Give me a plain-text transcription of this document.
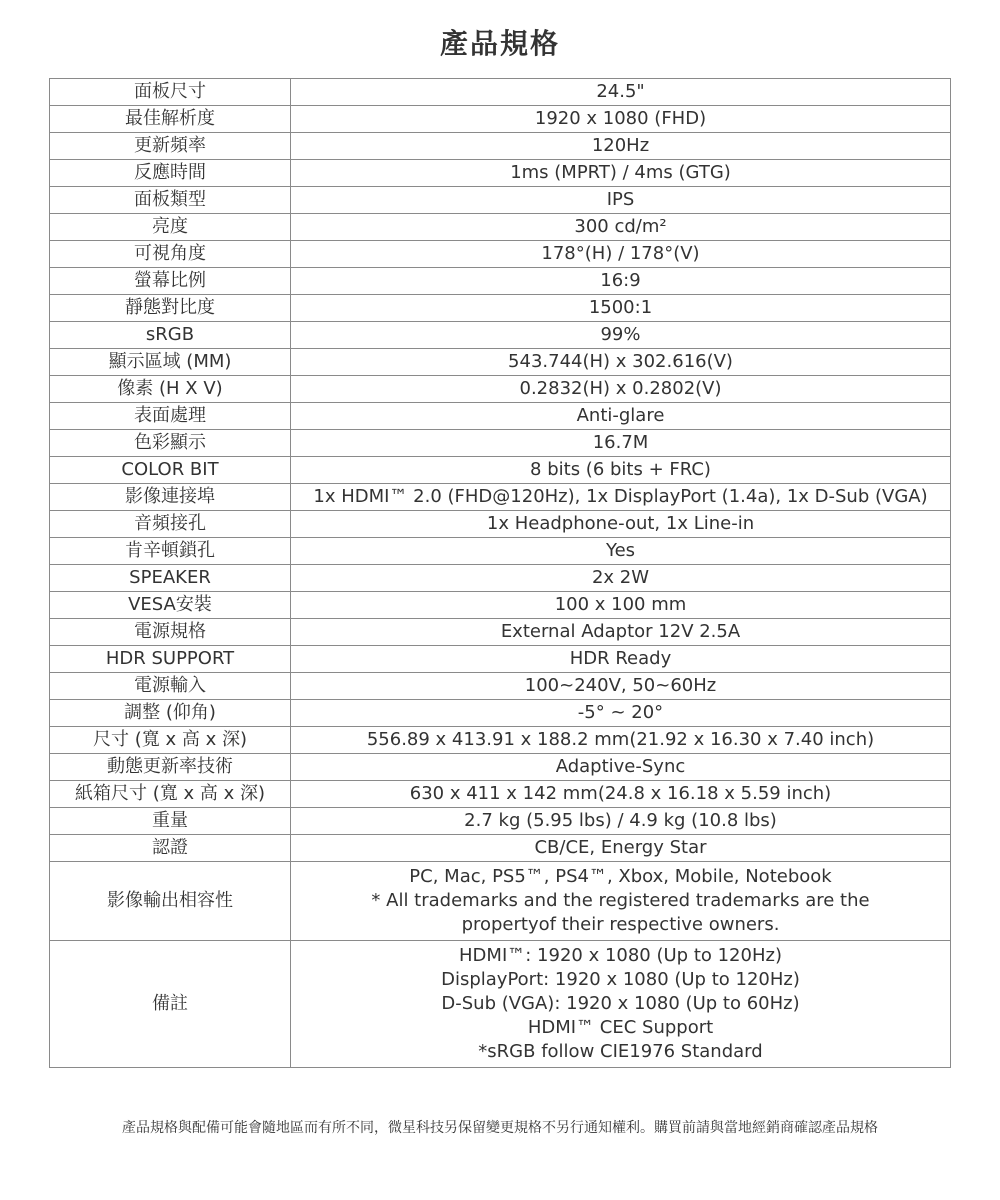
產品規格
面板尺寸	24.5"
最佳解析度	1920 x 1080 (FHD)
更新頻率	120Hz
反應時間	1ms (MPRT) / 4ms (GTG)
面板類型	IPS
亮度	300 cd/m²
可視角度	178°(H) / 178°(V)
螢幕比例	16:9
靜態對比度	1500:1
sRGB	99%
顯示區域 (MM)	543.744(H) x 302.616(V)
像素 (H X V)	0.2832(H) x 0.2802(V)
表面處理	Anti-glare
色彩顯示	16.7M
COLOR BIT	8 bits (6 bits + FRC)
影像連接埠	1x HDMI™ 2.0 (FHD@120Hz), 1x DisplayPort (1.4a), 1x D-Sub (VGA)
音頻接孔	1x Headphone-out, 1x Line-in
肯辛頓鎖孔	Yes
SPEAKER	2x 2W
VESA安裝	100 x 100 mm
電源規格	External Adaptor 12V 2.5A
HDR SUPPORT	HDR Ready
電源輸入	100~240V, 50~60Hz
調整 (仰角)	-5° ~ 20°
尺寸 (寬 x 高 x 深)	556.89 x 413.91 x 188.2 mm(21.92 x 16.30 x 7.40 inch)
動態更新率技術	Adaptive-Sync
紙箱尺寸 (寬 x 高 x 深)	630 x 411 x 142 mm(24.8 x 16.18 x 5.59 inch)
重量	2.7 kg (5.95 lbs) / 4.9 kg (10.8 lbs)
認證	CB/CE, Energy Star
影像輸出相容性	PC, Mac, PS5™, PS4™, Xbox, Mobile, Notebook
* All trademarks and the registered trademarks are the
propertyof their respective owners.

備註	HDMI™: 1920 x 1080 (Up to 120Hz)
DisplayPort: 1920 x 1080 (Up to 120Hz)
D-Sub (VGA): 1920 x 1080 (Up to 60Hz)
HDMI™ CEC Support
*sRGB follow CIE1976 Standard
產品規格與配備可能會隨地區而有所不同，微星科技另保留變更規格不另行通知權利。購買前請與當地經銷商確認產品規格
